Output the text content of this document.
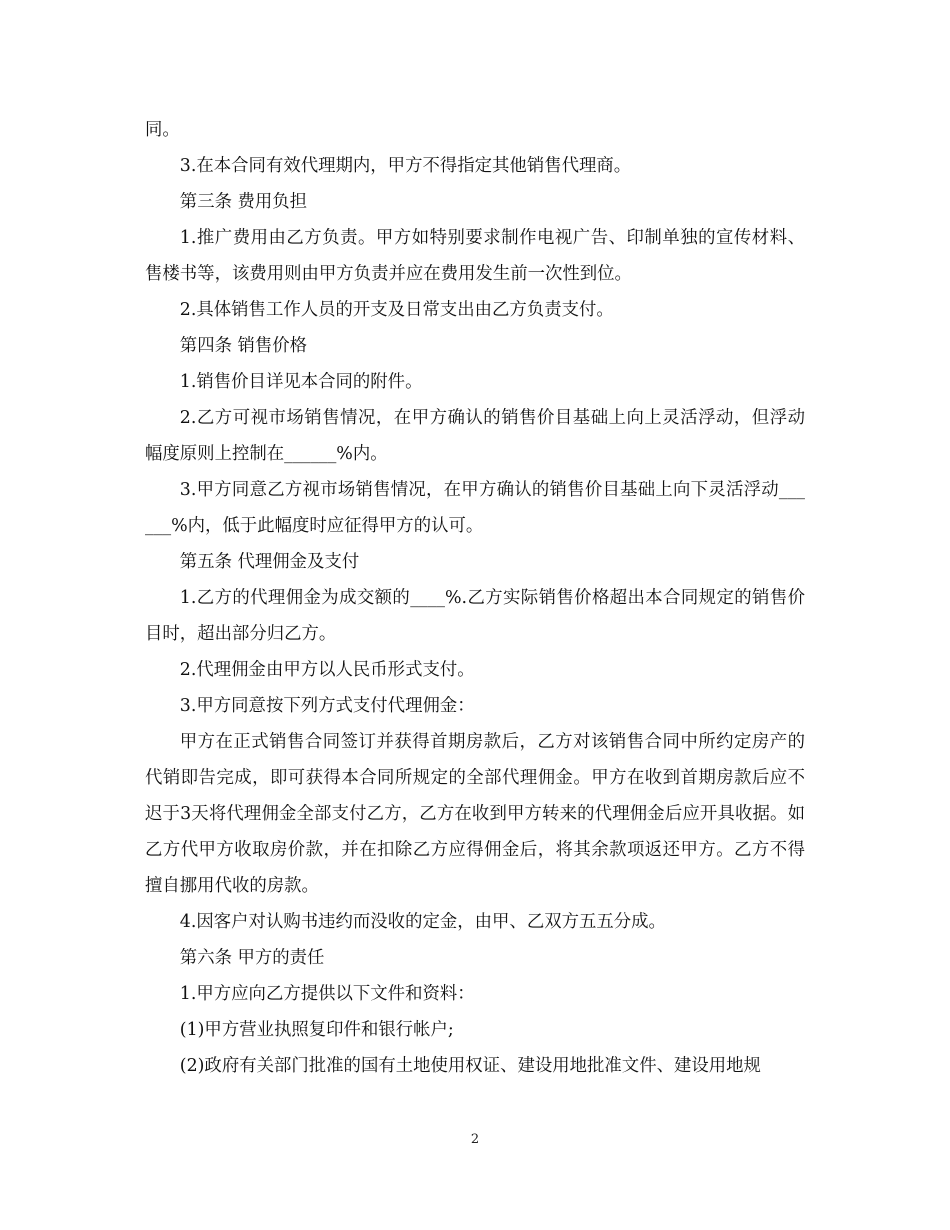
同。

3.在本合同有效代理期内，甲方不得指定其他销售代理商。

第三条 费用负担

1.推广费用由乙方负责。甲方如特别要求制作电视广告、印制单独的宣传材料、售楼书等，该费用则由甲方负责并应在费用发生前一次性到位。

2.具体销售工作人员的开支及日常支出由乙方负责支付。

第四条 销售价格

1.销售价目详见本合同的附件。

2.乙方可视市场销售情况，在甲方确认的销售价目基础上向上灵活浮动，但浮动幅度原则上控制在______%内。

3.甲方同意乙方视市场销售情况，在甲方确认的销售价目基础上向下灵活浮动______%内，低于此幅度时应征得甲方的认可。

第五条 代理佣金及支付

1.乙方的代理佣金为成交额的____%.乙方实际销售价格超出本合同规定的销售价目时，超出部分归乙方。

2.代理佣金由甲方以人民币形式支付。

3.甲方同意按下列方式支付代理佣金：

甲方在正式销售合同签订并获得首期房款后，乙方对该销售合同中所约定房产的代销即告完成，即可获得本合同所规定的全部代理佣金。甲方在收到首期房款后应不迟于3天将代理佣金全部支付乙方，乙方在收到甲方转来的代理佣金后应开具收据。如乙方代甲方收取房价款，并在扣除乙方应得佣金后，将其余款项返还甲方。乙方不得擅自挪用代收的房款。

4.因客户对认购书违约而没收的定金，由甲、乙双方五五分成。

第六条 甲方的责任

1.甲方应向乙方提供以下文件和资料：

(1)甲方营业执照复印件和银行帐户;

(2)政府有关部门批准的国有土地使用权证、建设用地批准文件、建设用地规

2
